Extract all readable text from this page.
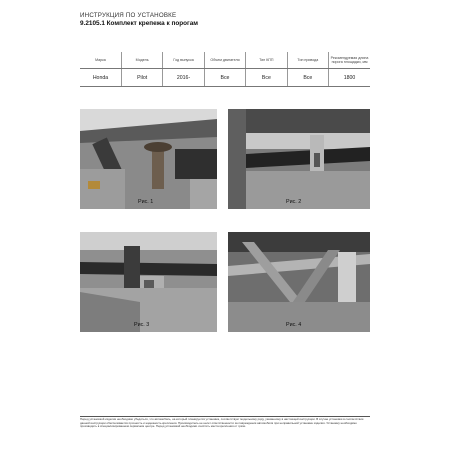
ИНСТРУКЦИЯ ПО УСТАНОВКЕ
9.2105.1 Комплект крепежа к порогам
Марка	Модель	Год выпуска	Объем двигателя	Тип КПП	Тип привода	Рекомендуемая длина порога площадки, мм
Honda	Pilot	2016-	Все	Все	Все	1800
Рис. 1	Рис. 2
Рис. 3	Рис. 4
Перед установкой изделия необходимо убедиться, что автомобиль, на который планируется установка, соответствует модельному ряду, указанному в настоящей инструкции. В случае установки в соответствии данной инструкции обеспечивается прочность и надежность крепления. Производитель не несет ответственности за повреждения автомобиля при неправильной установке изделия. Установку необходимо производить в специализированном сервисном центре. Перед установкой необходимо очистить места крепления от грязи.
